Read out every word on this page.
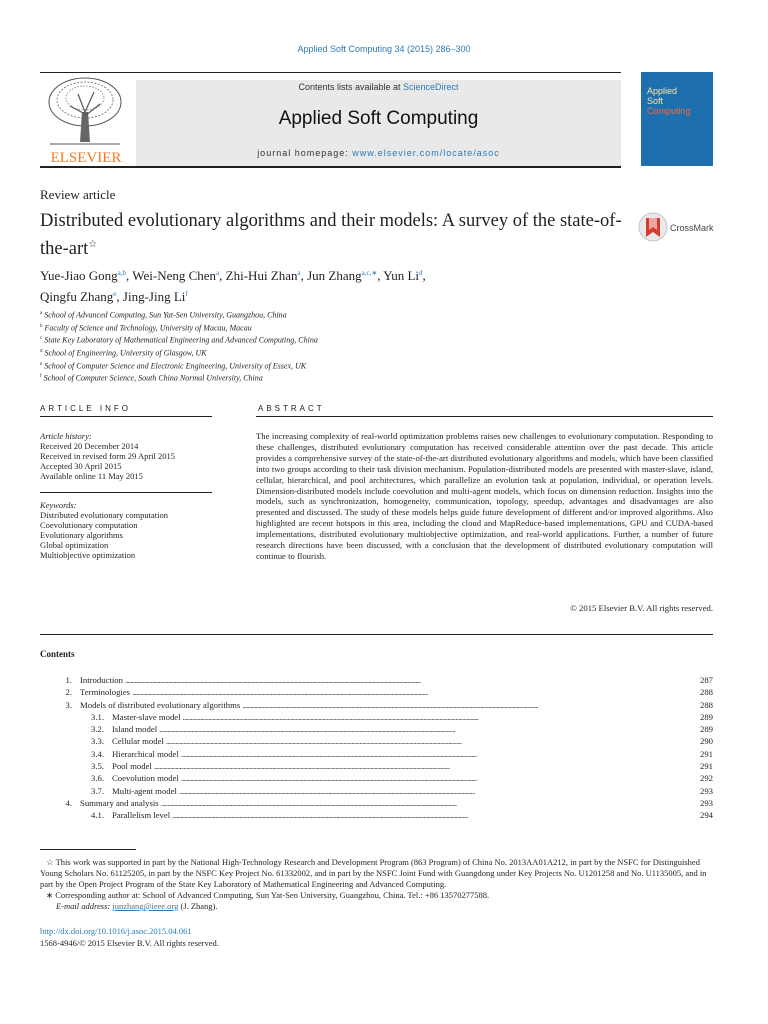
Applied Soft Computing 34 (2015) 286–300
ELSEVIER
Contents lists available at ScienceDirect
Applied Soft Computing
journal homepage: www.elsevier.com/locate/asoc
Applied
Soft
Computing
Review article
Distributed evolutionary algorithms and their models: A survey of the state-of-the-art☆
CrossMark
Yue-Jiao Gong$^{a,b}$, Wei-Neng Chen$^a$, Zhi-Hui Zhan$^a$, Jun Zhang$^{a,c,∗}$, Yun Li$^d$,
Qingfu Zhang$^e$, Jing-Jing Li$^f$
$^a$ School of Advanced Computing, Sun Yat-Sen University, Guangzhou, China
$^b$ Faculty of Science and Technology, University of Macau, Macau
$^c$ State Key Laboratory of Mathematical Engineering and Advanced Computing, China
$^d$ School of Engineering, University of Glasgow, UK
$^e$ School of Computer Science and Electronic Engineering, University of Essex, UK
$^f$ School of Computer Science, South China Normal University, China
ARTICLE INFO	ABSTRACT
Article history:
Received 20 December 2014
Received in revised form 29 April 2015
Accepted 30 April 2015
Available online 11 May 2015
Keywords:
Distributed evolutionary computation
Coevolutionary computation
Evolutionary algorithms
Global optimization
Multiobjective optimization
The increasing complexity of real-world optimization problems raises new challenges to evolutionary computation. Responding to these challenges, distributed evolutionary computation has received considerable attention over the past decade. This article provides a comprehensive survey of the state-of-the-art distributed evolutionary algorithms and models, which have been classified into two groups according to their task division mechanism. Population-distributed models are presented with master-slave, island, cellular, hierarchical, and pool architectures, which parallelize an evolution task at population, individual, or operation levels. Dimension-distributed models include coevolution and multi-agent models, which focus on dimension reduction. Insights into the models, such as synchronization, homogeneity, communication, topology, speedup, advantages and disadvantages are also presented and discussed. The study of these models helps guide future development of different and/or improved algorithms. Also highlighted are recent hotspots in this area, including the cloud and MapReduce-based implementations, GPU and CUDA-based implementations, distributed evolutionary multiobjective optimization, and real-world applications. Further, a number of future research directions have been discussed, with a conclusion that the development of distributed evolutionary computation will continue to flourish.
© 2015 Elsevier B.V. All rights reserved.
Contents
1. Introduction . . .	287
2. Terminologies . . .	288
3. Models of distributed evolutionary algorithms . . .	288
3.1. Master-slave model . . .	289
3.2. Island model . . .	289
3.3. Cellular model . . .	290
3.4. Hierarchical model . . .	291
3.5. Pool model . . .	291
3.6. Coevolution model . . .	292
3.7. Multi-agent model . . .	293
4. Summary and analysis . . .	293
4.1. Parallelism level . . .	294
☆ This work was supported in part by the National High-Technology Research and Development Program (863 Program) of China No. 2013AA01A212, in part by the NSFC for Distinguished Young Scholars No. 61125205, in part by the NSFC Key Project No. 61332002, and in part by the NSFC Joint Fund with Guangdong under Key Projects No. U1201258 and No. U1135005, and in part by the Open Project Program of the State Key Laboratory of Mathematical Engineering and Advanced Computing.
∗ Corresponding author at: School of Advanced Computing, Sun Yat-Sen University, Guangzhou, China. Tel.: +86 13570277588.
E-mail address: junzhang@ieee.org (J. Zhang).
http://dx.doi.org/10.1016/j.asoc.2015.04.061
1568-4946/© 2015 Elsevier B.V. All rights reserved.
